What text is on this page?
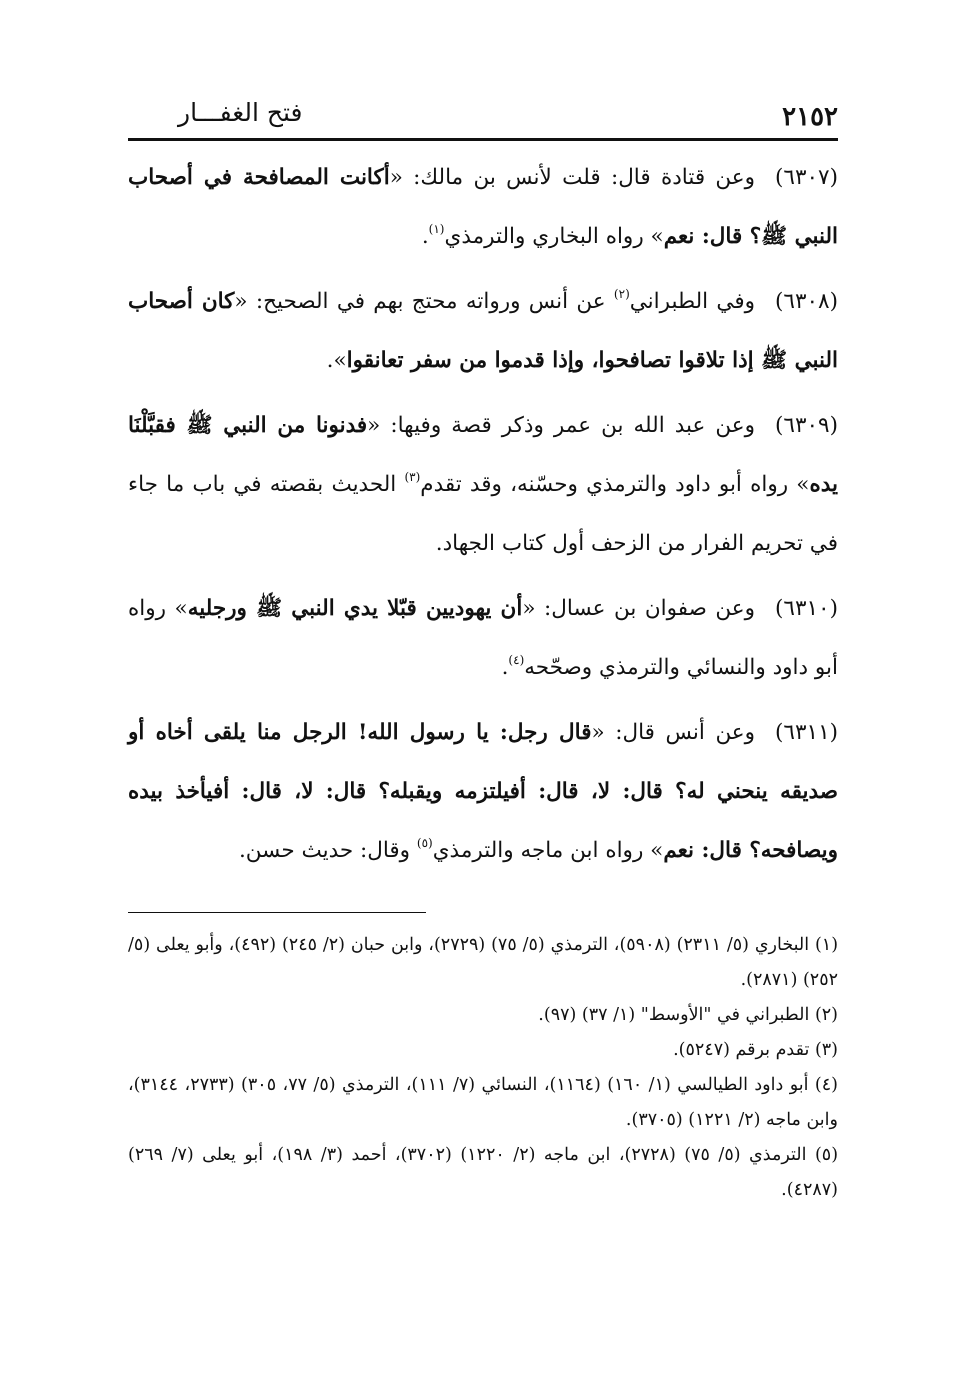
٢١٥٢
فتح الغفـــار

(٦٣٠٧)وعن قتادة قال: قلت لأنس بن مالك: «أكانت المصافحة في أصحاب النبي ﷺ؟ قال: نعم» رواه البخاري والترمذي$^{(١)}$.

(٦٣٠٨)وفي الطبراني$^{(٢)}$ عن أنس ورواته محتج بهم في الصحيح: «كان أصحاب النبي ﷺ إذا تلاقوا تصافحوا، وإذا قدموا من سفر تعانقوا».

(٦٣٠٩)وعن عبد الله بن عمر وذكر قصة وفيها: «فدنونا من النبي ﷺ فقبَّلْنَا يده» رواه أبو داود والترمذي وحسّنه، وقد تقدم$^{(٣)}$ الحديث بقصته في باب ما جاء في تحريم الفرار من الزحف أول كتاب الجهاد.

(٦٣١٠)وعن صفوان بن عسال: «أن يهوديين قبّلا يدي النبي ﷺ ورجليه» رواه أبو داود والنسائي والترمذي وصحّحه$^{(٤)}$.

(٦٣١١)وعن أنس قال: «قال رجل: يا رسول الله! الرجل منا يلقى أخاه أو صديقه ينحني له؟ قال: لا، قال: أفيلتزمه ويقبله؟ قال: لا، قال: أفيأخذ بيده ويصافحه؟ قال: نعم» رواه ابن ماجه والترمذي$^{(٥)}$ وقال: حديث حسن.

(١) البخاري (٥/ ٢٣١١) (٥٩٠٨)، الترمذي (٥/ ٧٥) (٢٧٢٩)، وابن حبان (٢/ ٢٤٥) (٤٩٢)، وأبو يعلى (٥/ ٢٥٢) (٢٨٧١).

(٢) الطبراني في "الأوسط" (١/ ٣٧) (٩٧).

(٣) تقدم برقم (٥٢٤٧).

(٤) أبو داود الطيالسي (١/ ١٦٠) (١١٦٤)، النسائي (٧/ ١١١)، الترمذي (٥/ ٧٧، ٣٠٥) (٢٧٣٣، ٣١٤٤)، وابن ماجه (٢/ ١٢٢١) (٣٧٠٥).

(٥) الترمذي (٥/ ٧٥) (٢٧٢٨)، ابن ماجه (٢/ ١٢٢٠) (٣٧٠٢)، أحمد (٣/ ١٩٨)، أبو يعلى (٧/ ٢٦٩) (٤٢٨٧).
